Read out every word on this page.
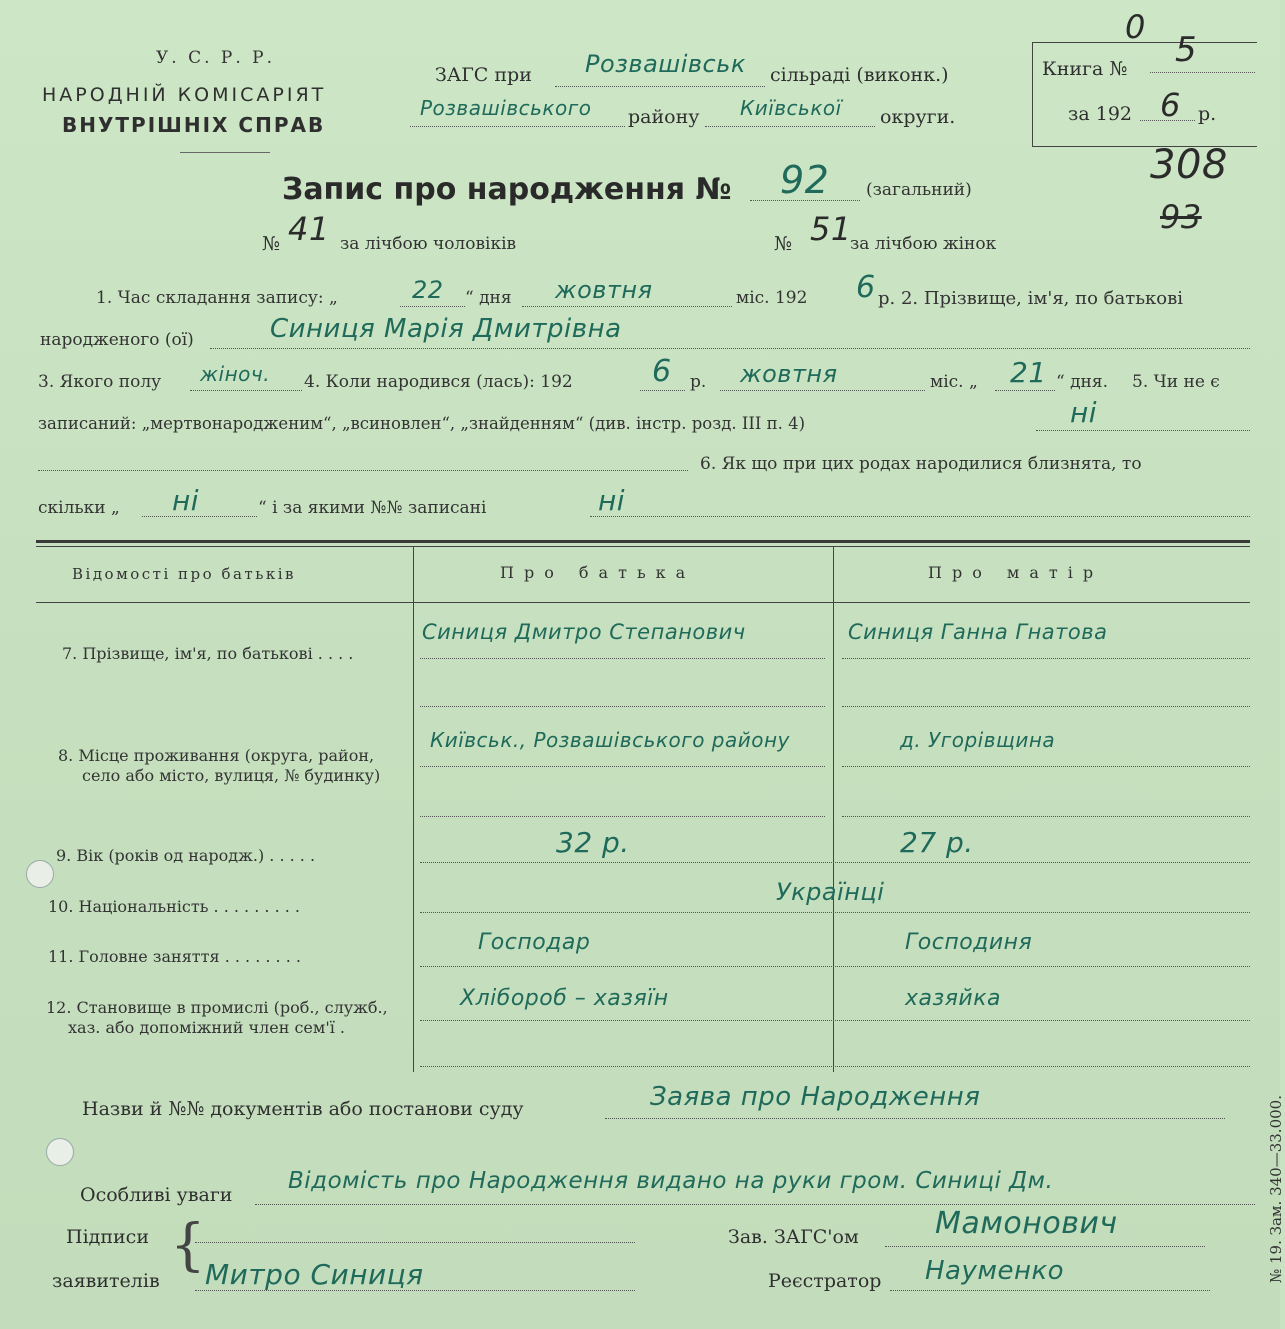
У. С. Р. Р.
НАРОДНІЙ КОМІСАРІЯТ
ВНУТРІШНІХ СПРАВ
ЗАГС при Розвашівськ сільраді (виконк.)
Розвашівського району Київської округи.
Книга №
0
5
за 192 6 р.
308
93
Запис про народження № 92 (загальний)
№ 41 за лічбою чоловіків	№ 51
за лічбою жінок
1. Час складання запису: „	22 “ дня жовтня	міс. 192 6 р. 2. Прізвище, ім'я, по батькові
народженого (ої)	Синиця Марія Дмитрівна
3. Якого полу жіноч. 4. Коли народився (лась): 192	6 р. жовтня	міс. „ 21 “ дня. 5. Чи не є
записаний: „мертвонародженим“, „всиновлен“, „знайденням“ (див. інстр. розд. III п. 4)	ні
6. Як що при цих родах народилися близнята, то
скільки „ ні	“ і за якими №№ записані	ні
Відомості про батьків	Про батька	Про матір
7. Прізвище, ім'я, по батькові . . . .
Синиця Дмитро Степанович	Синиця Ганна Гнатова
8. Місце проживання (округа, район,
село або місто, вулиця, № будинку)
Київськ., Розвашівського району	д. Угорівщина
9. Вік (років од народж.) . . . . .	32 р.	27 р.
10. Національність . . . . . . . . .
Українці
11. Головне заняття . . . . . . . .
Господар	Господиня
12. Становище в промислі (роб., служб.,
хаз. або допоміжний член сем'ї .
Хлібороб – хазяїн	хазяйка
Назви й №№ документів або постанови суду	Заява про Народження
Особливі уваги
Відомість про Народження видано на руки гром. Синиці Дм.
Підписи
заявителів
{ Митро Синиця
Зав. ЗАГС'ом	Мамонович
Реєстратор Науменко	№ 19. Зам. 340—33.000.
